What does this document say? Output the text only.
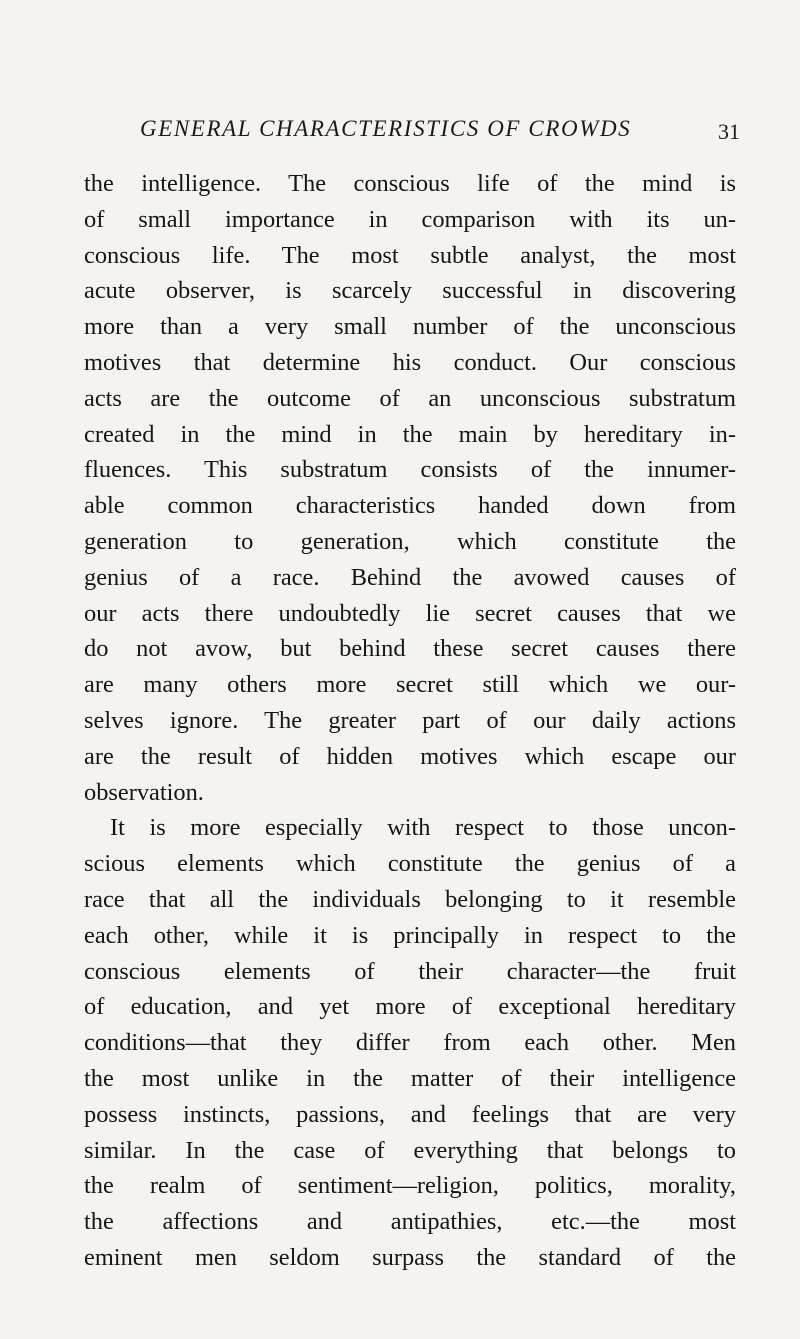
GENERAL CHARACTERISTICS OF CROWDS	31
the intelligence. The conscious life of the mind is
of small importance in comparison with its un-
conscious life. The most subtle analyst, the most
acute observer, is scarcely successful in discovering
more than a very small number of the unconscious
motives that determine his conduct. Our conscious
acts are the outcome of an unconscious substratum
created in the mind in the main by hereditary in-
fluences. This substratum consists of the innumer-
able common characteristics handed down from
generation to generation, which constitute the
genius of a race. Behind the avowed causes of
our acts there undoubtedly lie secret causes that we
do not avow, but behind these secret causes there
are many others more secret still which we our-
selves ignore. The greater part of our daily actions
are the result of hidden motives which escape our
observation.
It is more especially with respect to those uncon-
scious elements which constitute the genius of a
race that all the individuals belonging to it resemble
each other, while it is principally in respect to the
conscious elements of their character—the fruit
of education, and yet more of exceptional hereditary
conditions—that they differ from each other. Men
the most unlike in the matter of their intelligence
possess instincts, passions, and feelings that are very
similar. In the case of everything that belongs to
the realm of sentiment—religion, politics, morality,
the affections and antipathies, etc.—the most
eminent men seldom surpass the standard of the
